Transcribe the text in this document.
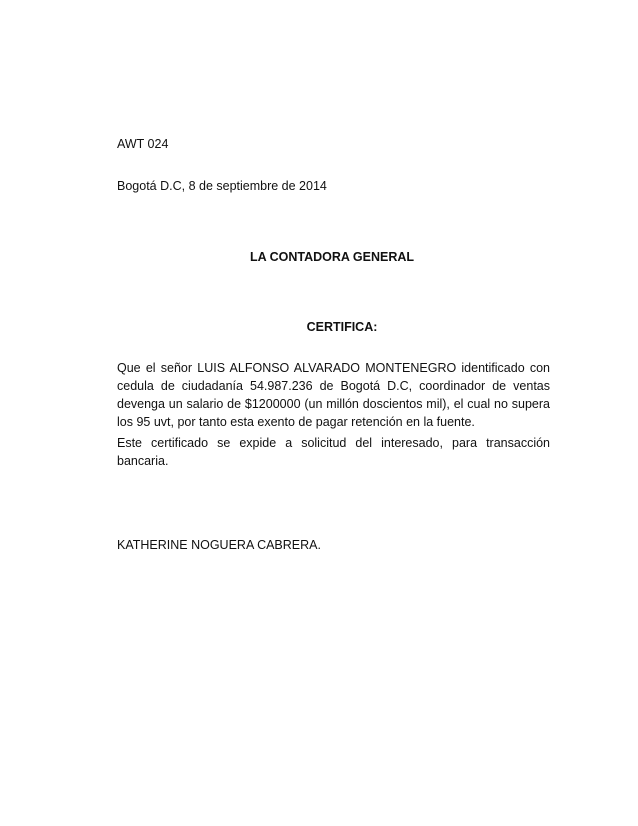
AWT 024
Bogotá D.C, 8 de septiembre de 2014
LA CONTADORA GENERAL
CERTIFICA:

Que el señor LUIS ALFONSO ALVARADO MONTENEGRO identificado con cedula de ciudadanía 54.987.236 de Bogotá D.C, coordinador de ventas devenga un salario de $1200000 (un millón doscientos mil), el cual no supera los 95 uvt, por tanto esta exento de pagar retención en la fuente.

Este certificado se expide a solicitud del interesado, para transacción bancaria.

KATHERINE NOGUERA CABRERA.
